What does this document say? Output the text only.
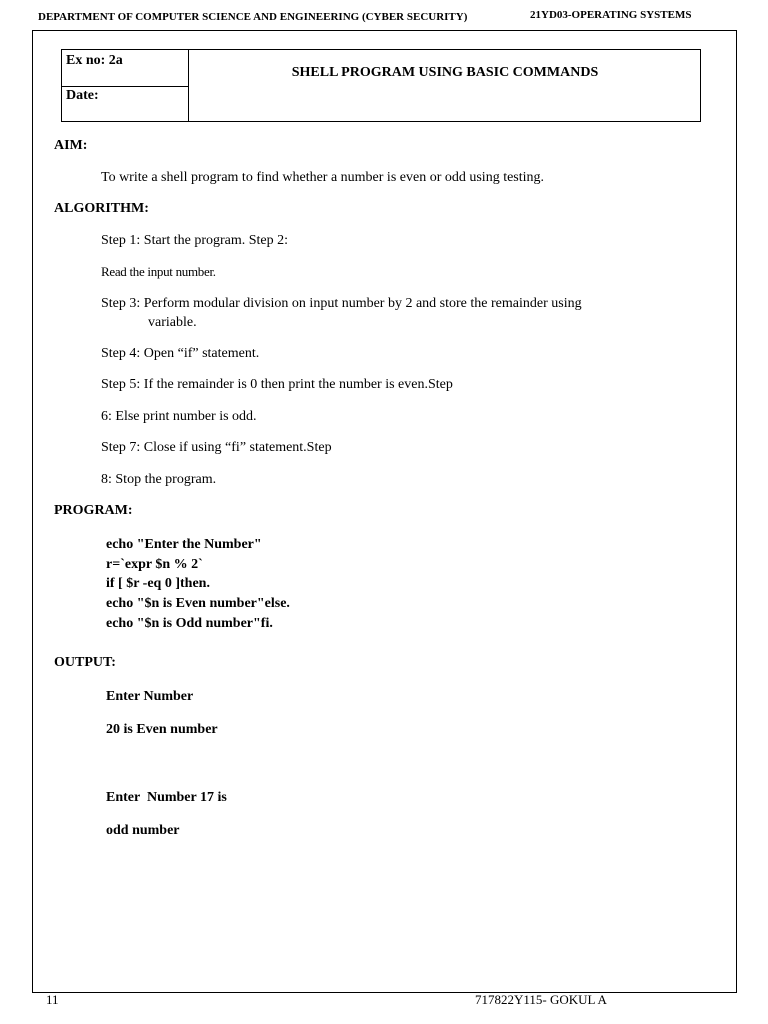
DEPARTMENT OF COMPUTER SCIENCE AND ENGINEERING (CYBER SECURITY)	21YD03-OPERATING SYSTEMS
Ex no: 2a
Date:
SHELL PROGRAM USING BASIC COMMANDS
AIM:
To write a shell program to find whether a number is even or odd using testing.
ALGORITHM:
Step 1: Start the program. Step 2:
Read the input number.
Step 3: Perform modular division on input number by 2 and store the remainder using
variable.
Step 4: Open “if” statement.
Step 5: If the remainder is 0 then print the number is even.Step
6: Else print number is odd.
Step 7: Close if using “fi” statement.Step
8: Stop the program.
PROGRAM:
echo "Enter the Number"
r=`expr $n % 2`
if [ $r -eq 0 ]then.
echo "$n is Even number"else.
echo "$n is Odd number"fi.
OUTPUT:
Enter Number
20 is Even number
Enter  Number 17 is
odd number
11	717822Y115- GOKUL A
